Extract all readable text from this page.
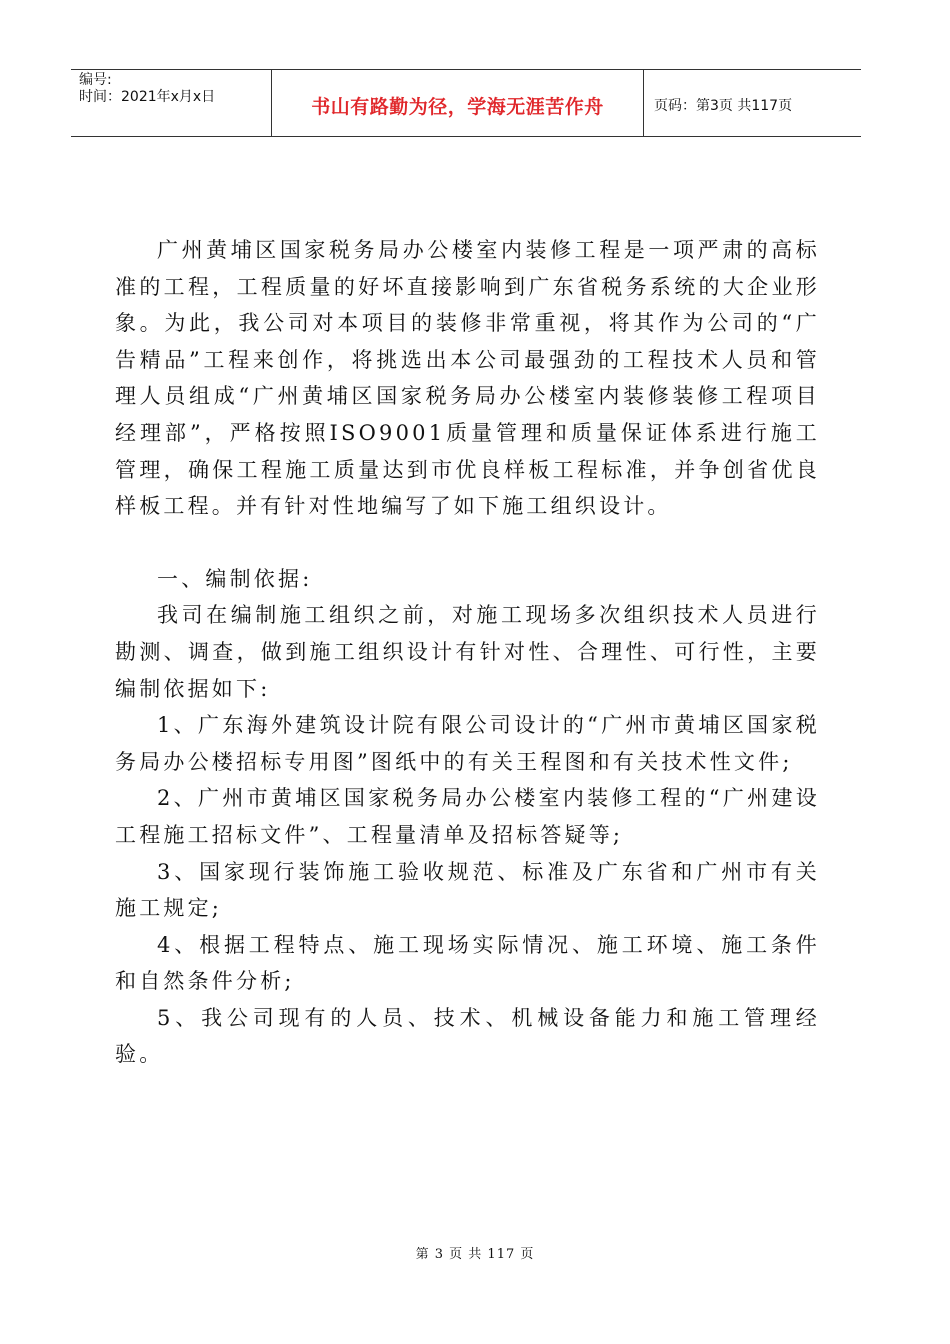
编号:
时间：2021年x月x日	书山有路勤为径，学海无涯苦作舟	页码：第3页 共117页

广州黄埔区国家税务局办公楼室内装修工程是一项严肃的高标准的工程，工程质量的好坏直接影响到广东省税务系统的大企业形象。为此，我公司对本项目的装修非常重视，将其作为公司的“广告精品”工程来创作，将挑选出本公司最强劲的工程技术人员和管理人员组成“广州黄埔区国家税务局办公楼室内装修装修工程项目经理部”，严格按照ISO9001质量管理和质量保证体系进行施工管理，确保工程施工质量达到市优良样板工程标准，并争创省优良样板工程。并有针对性地编写了如下施工组织设计。

一、编制依据:

我司在编制施工组织之前，对施工现场多次组织技术人员进行勘测、调查，做到施工组织设计有针对性、合理性、可行性，主要编制依据如下:

1、广东海外建筑设计院有限公司设计的“广州市黄埔区国家税务局办公楼招标专用图”图纸中的有关王程图和有关技术性文件;

2、广州市黄埔区国家税务局办公楼室内装修工程的“广州建设工程施工招标文件”、工程量清单及招标答疑等;

3、国家现行装饰施工验收规范、标准及广东省和广州市有关施工规定;

4、根据工程特点、施工现场实际情况、施工环境、施工条件和自然条件分析;

5、我公司现有的人员、技术、机械设备能力和施工管理经验。

第 3 页 共 117 页
